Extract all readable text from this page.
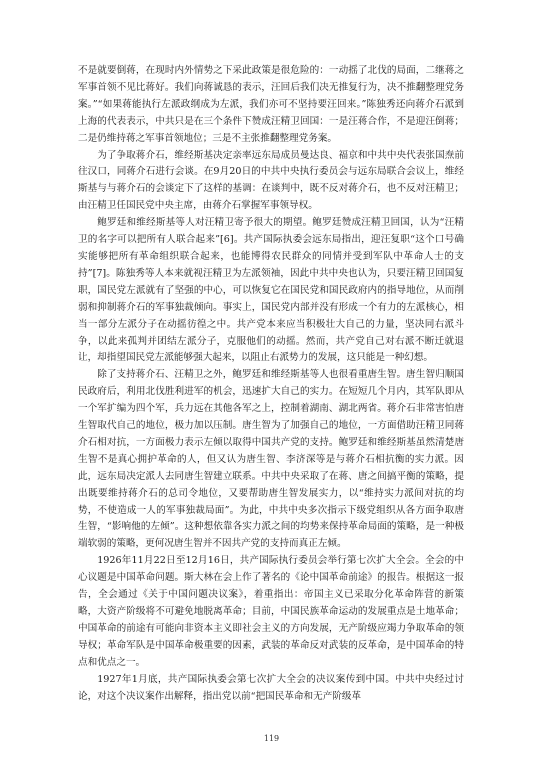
不是就要倒蒋，在现时内外情势之下采此政策是很危险的：一动摇了北伐的局面，二继蒋之军事首领不见比蒋好。我们向蒋诚恳的表示，汪回后我们决无推复行为，决不推翻整理党务案。”“如果蒋能执行左派政纲成为左派，我们亦可不坚持要汪回来。”陈独秀还向蒋介石派到上海的代表表示，中共只是在三个条件下赞成汪精卫回国：一是汪蒋合作，不是迎汪倒蒋；二是仍维持蒋之军事首领地位；三是不主张推翻整理党务案。

为了争取蒋介石，维经斯基决定亲率远东局成员曼达良、福京和中共中央代表张国焘前往汉口，同蒋介石进行会谈。在9月20日的中共中央执行委员会与远东局联合会议上，维经斯基与与蒋介石的会谈定下了这样的基调：在谈判中，既不反对蒋介石，也不反对汪精卫；由汪精卫任国民党中央主席，由蒋介石掌握军事领导权。

鲍罗廷和维经斯基等人对汪精卫寄予很大的期望。鲍罗廷赞成汪精卫回国，认为“汪精卫的名字可以把所有人联合起来”[6]。共产国际执委会远东局指出，迎汪复职“这个口号确实能够把所有革命组织联合起来，也能博得农民群众的同情并受到军队中革命人士的支持”[7]。陈独秀等人本来就视汪精卫为左派领袖，因此中共中央也认为，只要汪精卫回国复职，国民党左派就有了坚强的中心，可以恢复它在国民党和国民政府内的指导地位，从而削弱和抑制蒋介石的军事独裁倾向。事实上，国民党内部并没有形成一个有力的左派核心，相当一部分左派分子在动摇彷徨之中。共产党本来应当积极壮大自己的力量，坚决同右派斗争，以此来孤判并团结左派分子，克服他们的动摇。然而，共产党自己对右派不断迁就退让，却指望国民党左派能够强大起来，以阻止右派势力的发展，这只能是一种幻想。

除了支持蒋介石、汪精卫之外，鲍罗廷和维经斯基等人也很看重唐生智。唐生智归顺国民政府后，利用北伐胜利进军的机会，迅速扩大自己的实力。在短短几个月内，其军队即从一个军扩编为四个军，兵力远在其他各军之上，控制着湖南、湖北两省。蒋介石非常害怕唐生智取代自己的地位，极力加以压制。唐生智为了加强自己的地位，一方面借助汪精卫同蒋介石相对抗，一方面极力表示左倾以取得中国共产党的支持。鲍罗廷和维经斯基虽然清楚唐生智不是真心拥护革命的人，但又认为唐生智、李济深等是与蒋介石相抗衡的实力派。因此，远东局决定派人去同唐生智建立联系。中共中央采取了在蒋、唐之间搞平衡的策略，提出既要维持蒋介石的总司令地位，又要帮助唐生智发展实力，以“维持实力派间对抗的均势，不使造成一人的军事独裁局面”。为此，中共中央多次指示下级党组织从各方面争取唐生智，“影响他的左倾”。这种想依靠各实力派之间的均势来保持革命局面的策略，是一种极端软弱的策略，更何况唐生智并不因共产党的支持而真正左倾。

1926年11月22日至12月16日，共产国际执行委员会举行第七次扩大全会。全会的中心议题是中国革命问题。斯大林在会上作了著名的《论中国革命前途》的报告。根据这一报告，全会通过《关于中国问题决议案》，着重指出：帝国主义已采取分化革命阵营的新策略，大资产阶级将不可避免地脱离革命；目前，中国民族革命运动的发展重点是土地革命；中国革命的前途有可能向非资本主义即社会主义的方向发展，无产阶级应竭力争取革命的领导权；革命军队是中国革命极重要的因素，武装的革命反对武装的反革命，是中国革命的特点和优点之一。

1927年1月底，共产国际执委会第七次扩大全会的决议案传到中国。中共中央经过讨论，对这个决议案作出解释，指出党以前“把国民革命和无产阶级革

119
